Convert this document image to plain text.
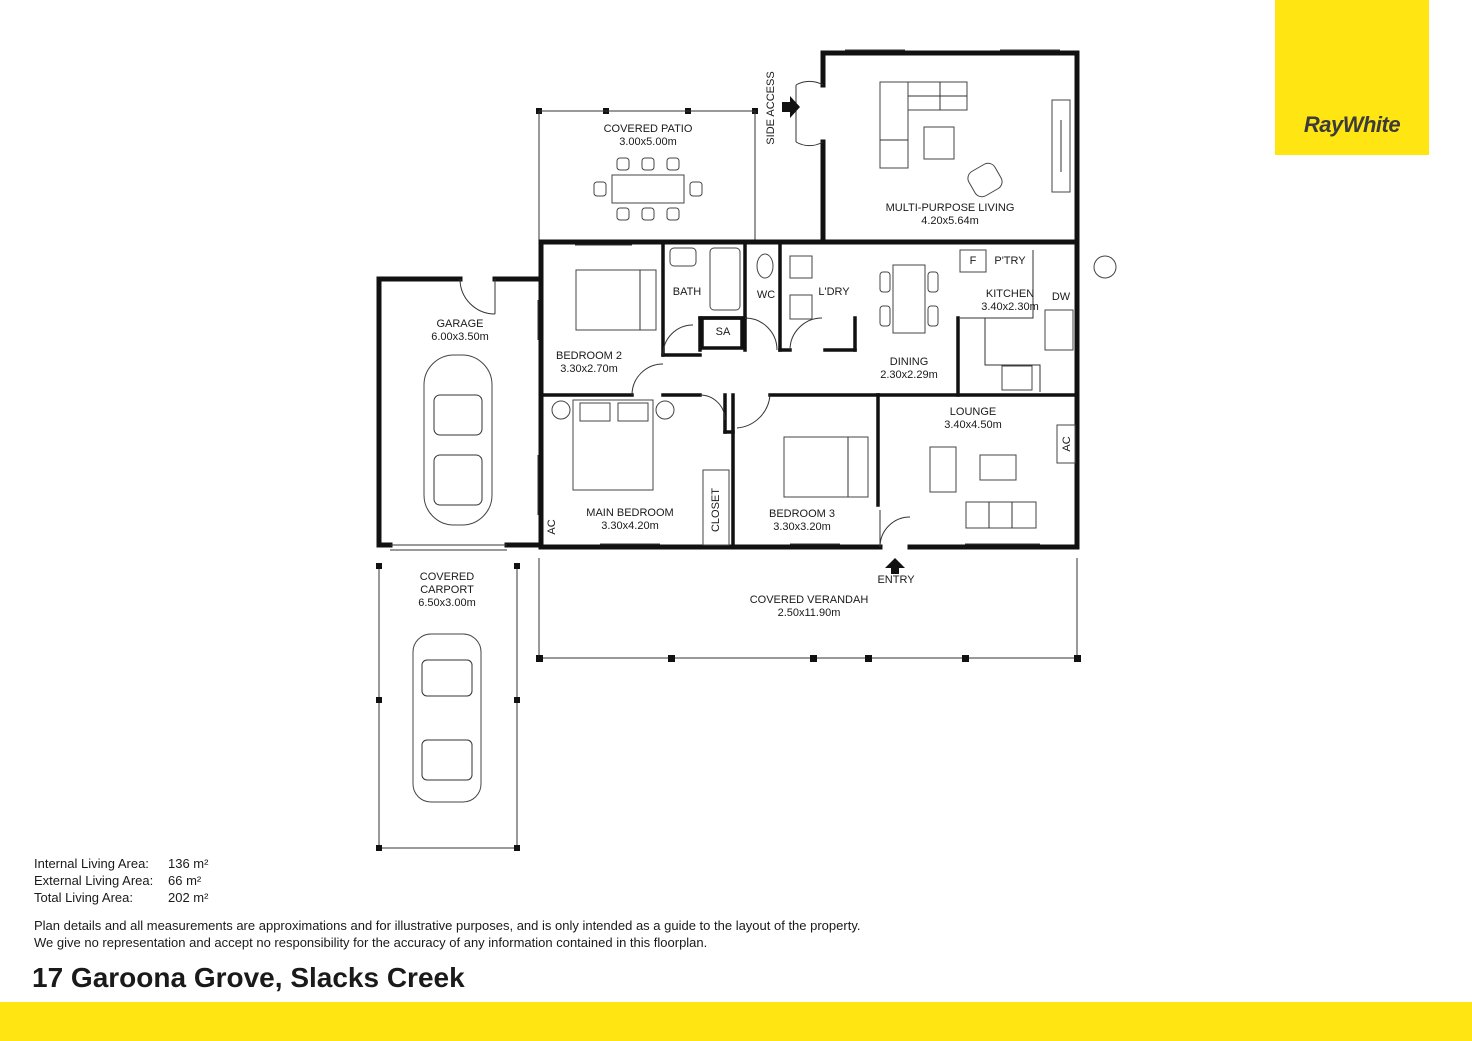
COVERED PATIO
3.00x5.00m	SIDE ACCESS
MULTI-PURPOSE LIVING
4.20x5.64m
GARAGE
6.00x3.50m
BEDROOM 2
3.30x2.70m
BATH	WC	L'DRY
SA
DINING
2.30x2.29m
F P'TRY
KITCHEN
3.40x2.30m
DW
LOUNGE
3.40x4.50m
AC
MAIN BEDROOM
3.30x4.20m	CLOSET
AC
BEDROOM 3
3.30x3.20m
ENTRY
COVERED
CARPORT
6.50x3.00m	COVERED VERANDAH
2.50x11.90m
RayWhite
Internal Living Area:	136 m²
External Living Area:	66 m²
Total Living Area:	202 m²
Plan details and all measurements are approximations and for illustrative purposes, and is only intended as a guide to the layout of the property.
We give no representation and accept no responsibility for the accuracy of any information contained in this floorplan.
17 Garoona Grove, Slacks Creek
